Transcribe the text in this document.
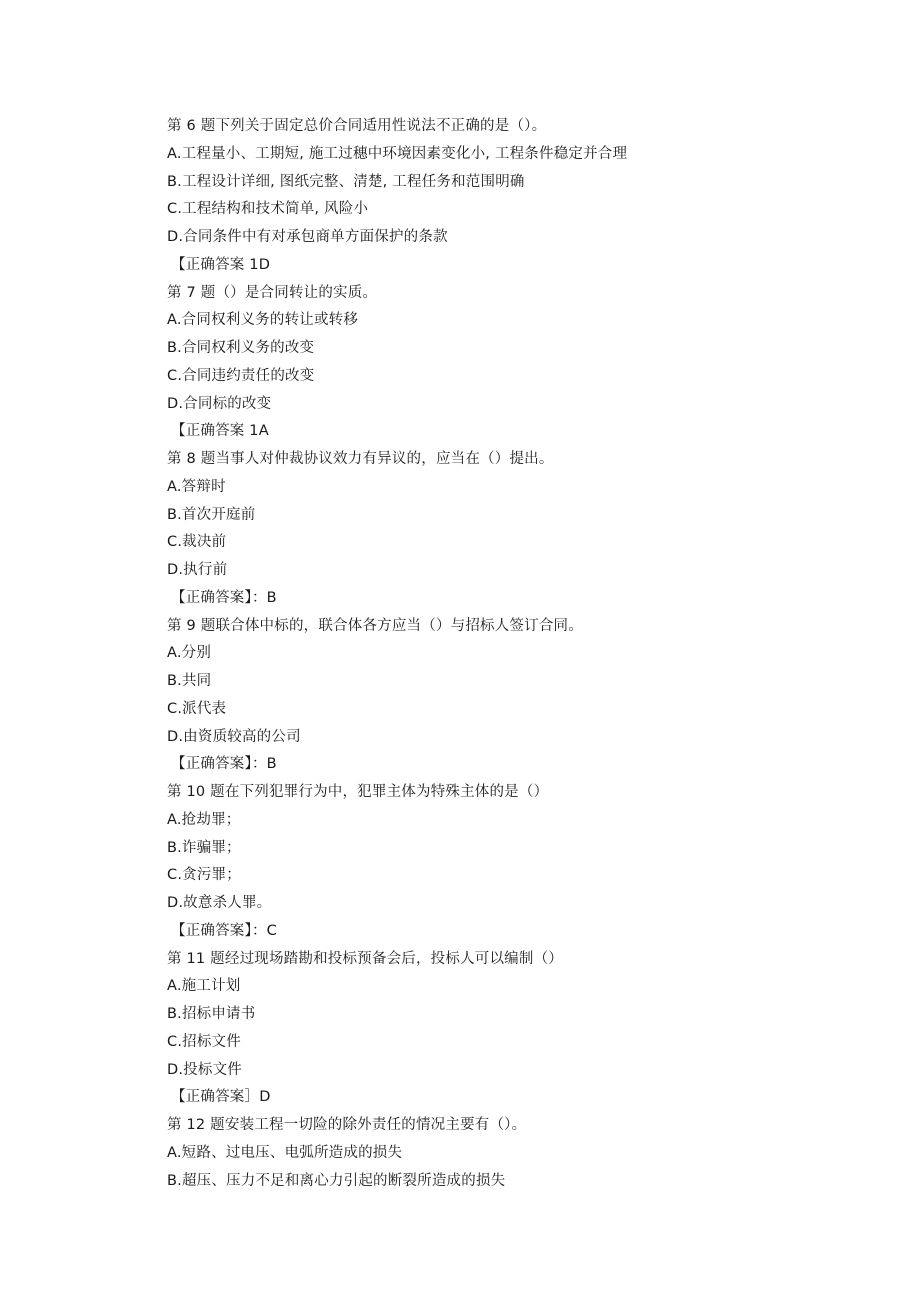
第 6 题下列关于固定总价合同适用性说法不正确的是（）。
A.工程量小、工期短, 施工过穗中环境因素变化小, 工程条件稳定并合理
B.工程设计详细, 图纸完整、清楚, 工程任务和范围明确
C.工程结构和技术简单, 风险小
D.合同条件中有对承包商单方面保护的条款
【正确答案 1D
第 7 题（）是合同转让的实质。
A.合同权利义务的转让或转移
B.合同权利义务的改变
C.合同违约责任的改变
D.合同标的改变
【正确答案 1A
第 8 题当事人对仲裁协议效力有异议的，应当在（）提出。
A.答辩时
B.首次开庭前
C.裁决前
D.执行前
【正确答案】：B
第 9 题联合体中标的，联合体各方应当（）与招标人签订合同。
A.分别
B.共同
C.派代表
D.由资质较高的公司
【正确答案】：B
第 10 题在下列犯罪行为中，犯罪主体为特殊主体的是（）
A.抢劫罪；
B.诈骗罪；
C.贪污罪；
D.故意杀人罪。
【正确答案】：C
第 11 题经过现场踏勘和投标预备会后，投标人可以编制（）
A.施工计划
B.招标申请书
C.招标文件
D.投标文件
【正确答案］D
第 12 题安装工程一切险的除外责任的情况主要有（）。
A.短路、过电压、电弧所造成的损失
B.超压、压力不足和离心力引起的断裂所造成的损失
